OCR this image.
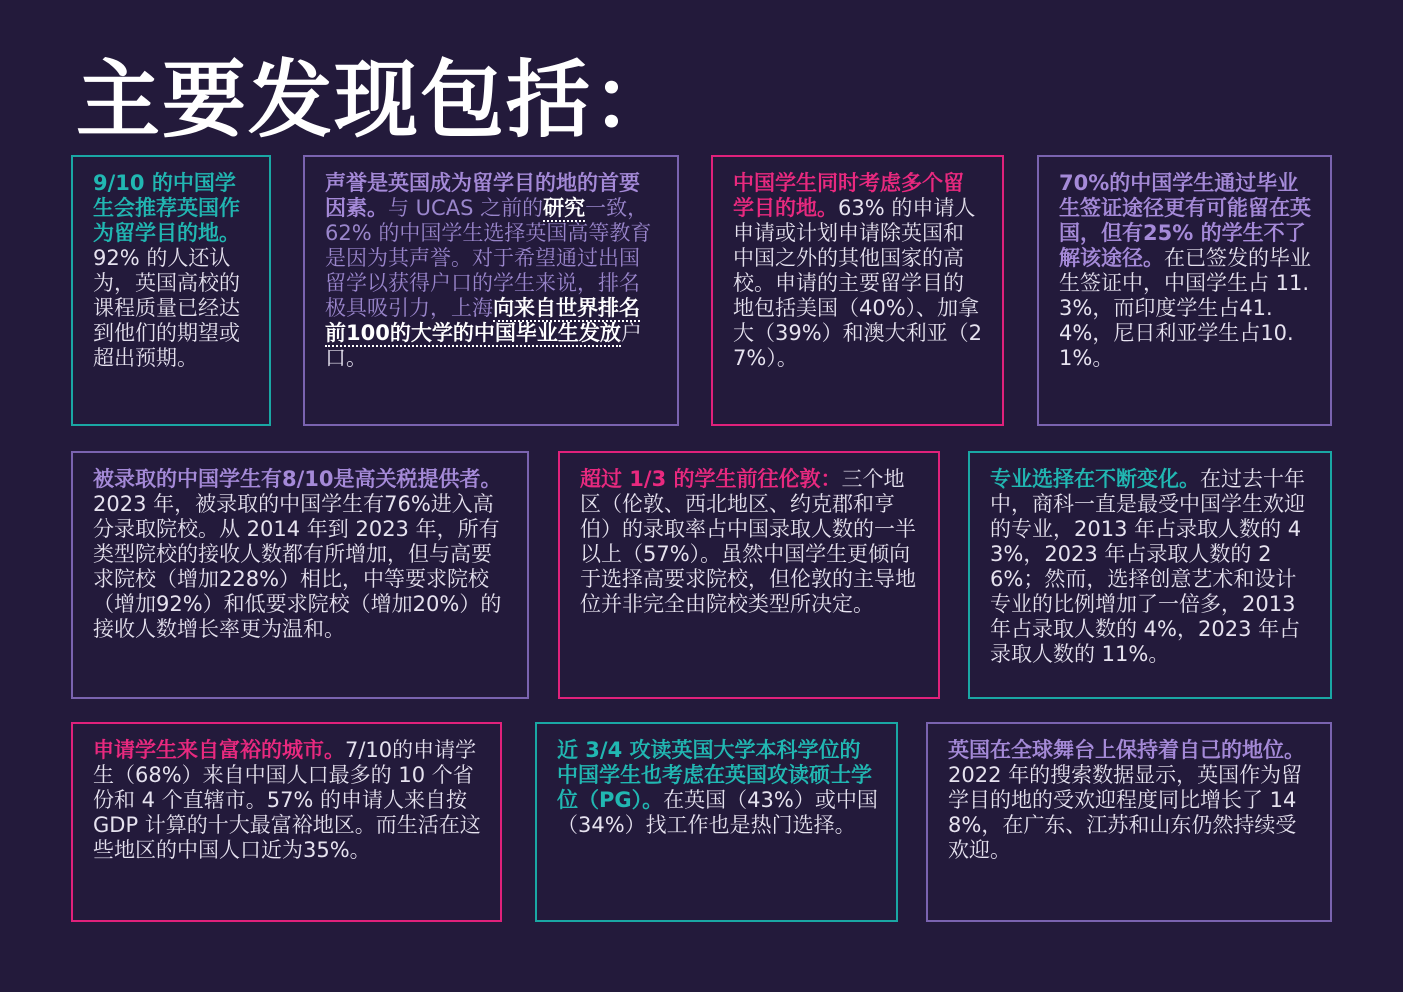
主要发现包括：
9/10 的中国学生会推荐英国作为留学目的地。92% 的人还认为，英国高校的课程质量已经达到他们的期望或超出预期。
声誉是英国成为留学目的地的首要因素。与 UCAS 之前的研究一致，62% 的中国学生选择英国高等教育是因为其声誉。对于希望通过出国留学以获得户口的学生来说，排名极具吸引力，上海向来自世界排名前100的大学的中国毕业生发放户口。
中国学生同时考虑多个留学目的地。63% 的申请人申请或计划申请除英国和中国之外的其他国家的高校。申请的主要留学目的地包括美国（40%）、加拿大（39%）和澳大利亚（27%）。
70%的中国学生通过毕业生签证途径更有可能留在英国，但有25% 的学生不了解该途径。在已签发的毕业生签证中，中国学生占 11.3%，而印度学生占41.4%，尼日利亚学生占10.1%。
被录取的中国学生有8/10是高关税提供者。2023 年，被录取的中国学生有76%进入高分录取院校。从 2014 年到 2023 年，所有类型院校的接收人数都有所增加，但与高要求院校（增加228%）相比，中等要求院校（增加92%）和低要求院校（增加20%）的接收人数增长率更为温和。
超过 1/3 的学生前往伦敦：三个地区（伦敦、西北地区、约克郡和亨伯）的录取率占中国录取人数的一半以上（57%）。虽然中国学生更倾向于选择高要求院校，但伦敦的主导地位并非完全由院校类型所决定。
专业选择在不断变化。在过去十年中，商科一直是最受中国学生欢迎的专业，2013 年占录取人数的 43%，2023 年占录取人数的 26%；然而，选择创意艺术和设计专业的比例增加了一倍多，2013 年占录取人数的 4%，2023 年占录取人数的 11%。
申请学生来自富裕的城市。7/10的申请学生（68%）来自中国人口最多的 10 个省份和 4 个直辖市。57% 的申请人来自按 GDP 计算的十大最富裕地区。而生活在这些地区的中国人口近为35%。
近 3/4 攻读英国大学本科学位的中国学生也考虑在英国攻读硕士学位（PG）。在英国（43%）或中国（34%）找工作也是热门选择。
英国在全球舞台上保持着自己的地位。2022 年的搜索数据显示，英国作为留学目的地的受欢迎程度同比增长了 148%，在广东、江苏和山东仍然持续受欢迎。
